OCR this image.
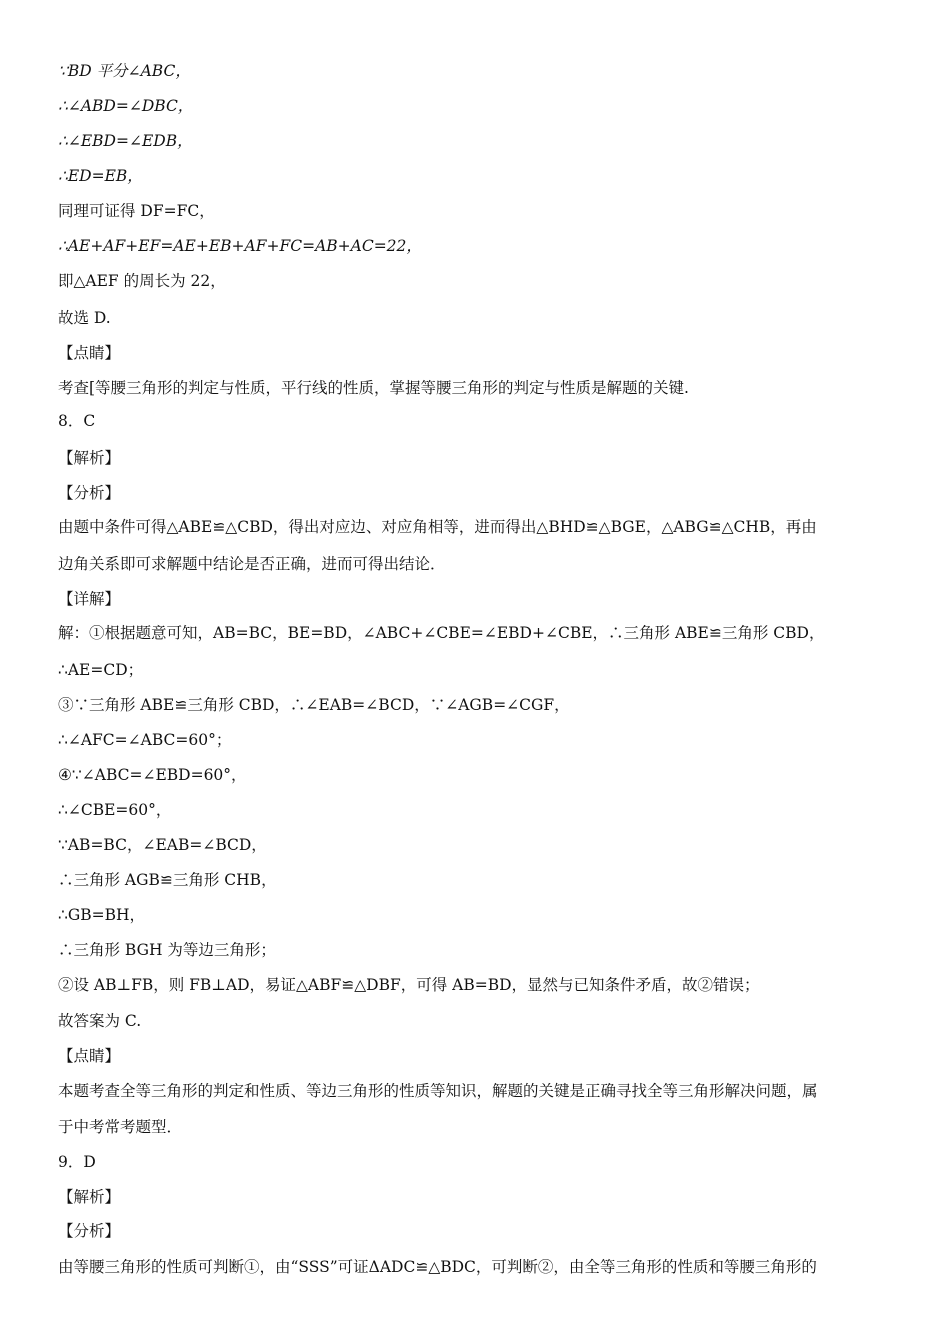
∵BD 平分∠ABC，
∴∠ABD=∠DBC，
∴∠EBD=∠EDB，
∴ED=EB，
同理可证得 DF=FC，
∴AE+AF+EF=AE+EB+AF+FC=AB+AC=22，
即△AEF 的周长为 22，
故选 D.
【点睛】
考查[等腰三角形的判定与性质，平行线的性质，掌握等腰三角形的判定与性质是解题的关键.
8．C
【解析】
【分析】
由题中条件可得△ABE≌△CBD，得出对应边、对应角相等，进而得出△BHD≌△BGE，△ABG≌△CHB，再由
边角关系即可求解题中结论是否正确，进而可得出结论．
【详解】
解：①根据题意可知，AB=BC，BE=BD，∠ABC+∠CBE=∠EBD+∠CBE，∴三角形 ABE≌三角形 CBD，
∴AE=CD；
③∵三角形 ABE≌三角形 CBD，∴∠EAB=∠BCD，∵∠AGB=∠CGF，
∴∠AFC=∠ABC=60°；
④∵∠ABC=∠EBD=60°，
∴∠CBE=60°，
∵AB=BC，∠EAB=∠BCD，
∴三角形 AGB≌三角形 CHB，
∴GB=BH，
∴三角形 BGH 为等边三角形；
②设 AB⊥FB，则 FB⊥AD，易证△ABF≌△DBF，可得 AB=BD，显然与已知条件矛盾，故②错误；
故答案为 C.
【点睛】
本题考查全等三角形的判定和性质、等边三角形的性质等知识，解题的关键是正确寻找全等三角形解决问题，属
于中考常考题型．
9．D
【解析】
【分析】
由等腰三角形的性质可判断①，由“SSS”可证ΔADC≌△BDC，可判断②，由全等三角形的性质和等腰三角形的
